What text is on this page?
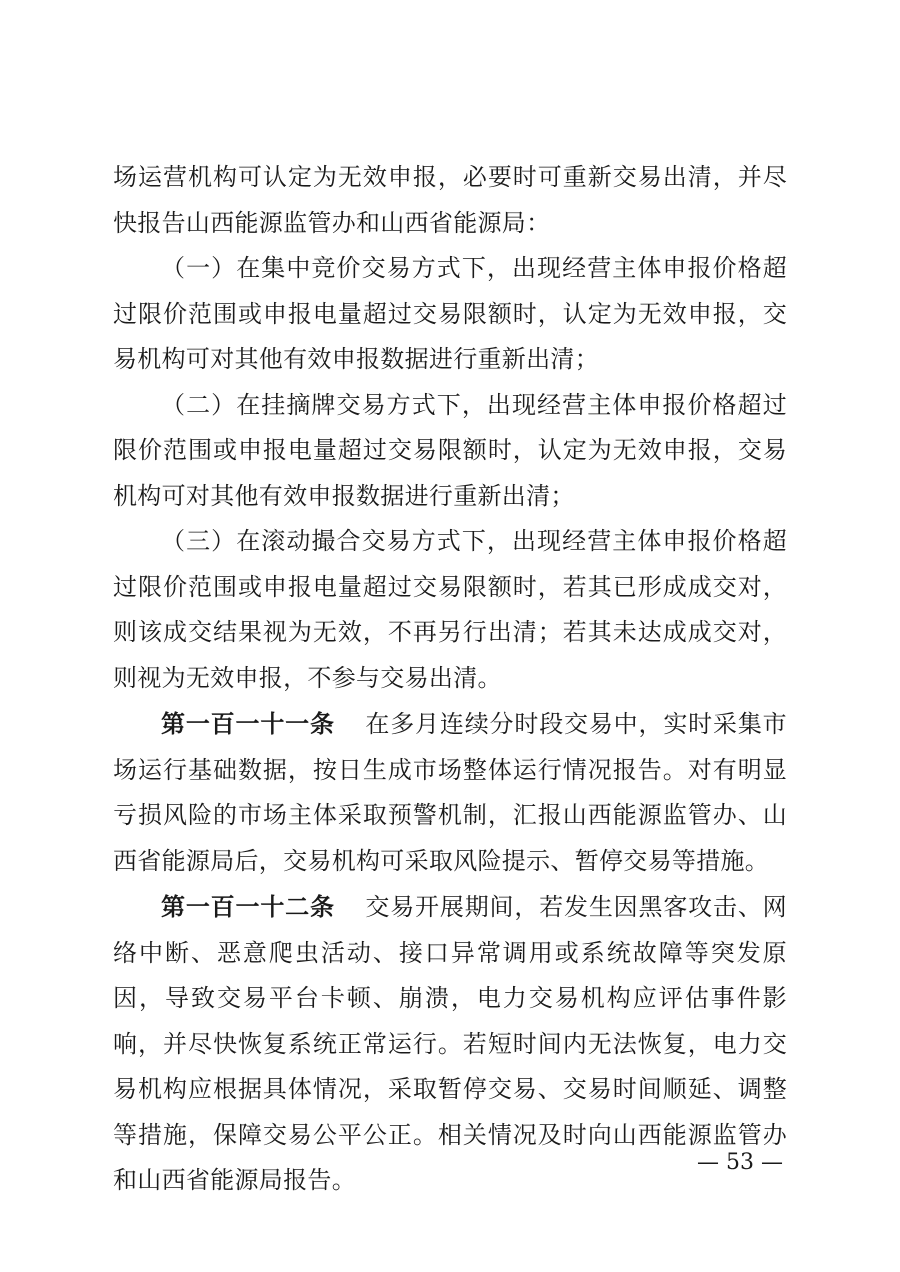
场运营机构可认定为无效申报，必要时可重新交易出清，并尽快报告山西能源监管办和山西省能源局：

（一）在集中竞价交易方式下，出现经营主体申报价格超过限价范围或申报电量超过交易限额时，认定为无效申报，交易机构可对其他有效申报数据进行重新出清；

（二）在挂摘牌交易方式下，出现经营主体申报价格超过限价范围或申报电量超过交易限额时，认定为无效申报，交易机构可对其他有效申报数据进行重新出清；

（三）在滚动撮合交易方式下，出现经营主体申报价格超过限价范围或申报电量超过交易限额时，若其已形成成交对，则该成交结果视为无效，不再另行出清；若其未达成成交对，则视为无效申报，不参与交易出清。

第一百一十一条 在多月连续分时段交易中，实时采集市场运行基础数据，按日生成市场整体运行情况报告。对有明显亏损风险的市场主体采取预警机制，汇报山西能源监管办、山西省能源局后，交易机构可采取风险提示、暂停交易等措施。

第一百一十二条 交易开展期间，若发生因黑客攻击、网络中断、恶意爬虫活动、接口异常调用或系统故障等突发原因，导致交易平台卡顿、崩溃，电力交易机构应评估事件影响，并尽快恢复系统正常运行。若短时间内无法恢复，电力交易机构应根据具体情况，采取暂停交易、交易时间顺延、调整等措施，保障交易公平公正。相关情况及时向山西能源监管办和山西省能源局报告。

— 53 —
